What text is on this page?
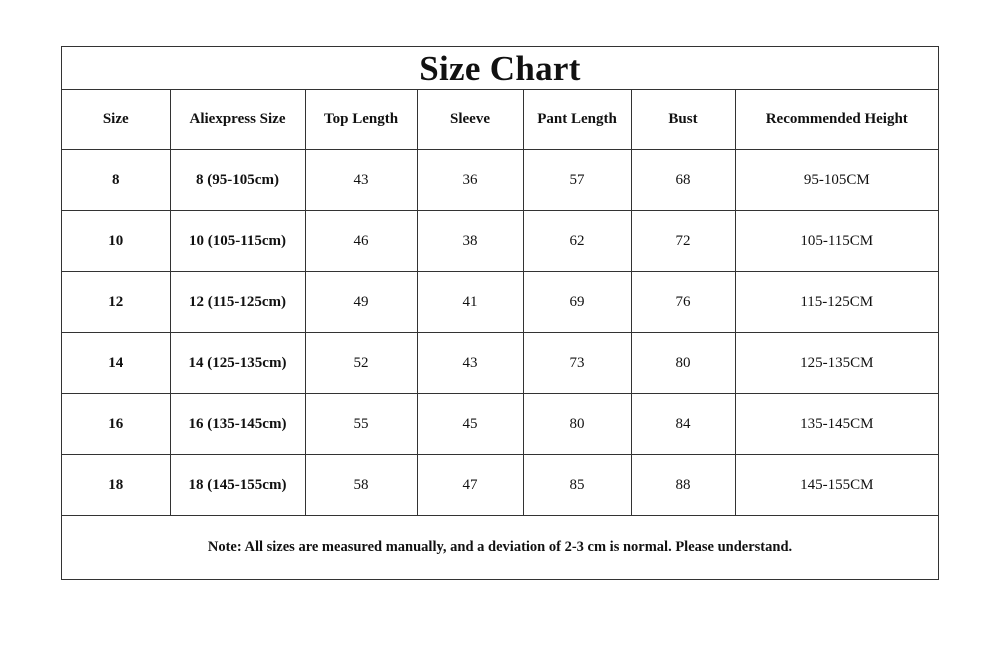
Size Chart
Size	Aliexpress Size	Top Length	Sleeve	Pant Length	Bust	Recommended Height
8	8 (95-105cm)	43	36	57	68	95-105CM
10	10 (105-115cm)	46	38	62	72	105-115CM
12	12 (115-125cm)	49	41	69	76	115-125CM
14	14 (125-135cm)	52	43	73	80	125-135CM
16	16 (135-145cm)	55	45	80	84	135-145CM
18	18 (145-155cm)	58	47	85	88	145-155CM
Note: All sizes are measured manually, and a deviation of 2-3 cm is normal. Please understand.
